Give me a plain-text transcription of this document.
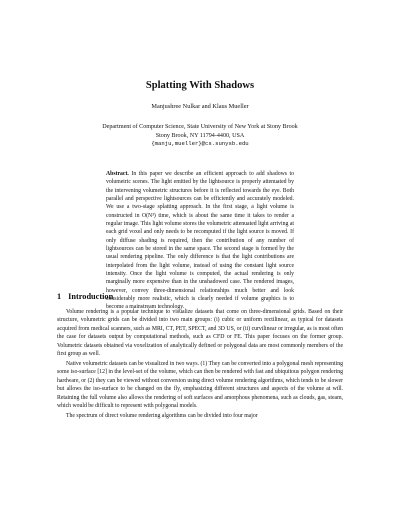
Splatting With Shadows
Manjushree Nulkar and Klaus Mueller
Department of Computer Science, State University of New York at Stony Brook
Stony Brook, NY 11794-4400, USA
{manju,mueller}@cs.sunysb.edu
Abstract. In this paper we describe an efficient approach to add shadows to volumetric scenes. The light emitted by the lightsource is properly attenuated by the intervening volumetric structures before it is reflected towards the eye. Both parallel and perspective lightsources can be efficiently and accurately modeled. We use a two-stage splatting approach. In the first stage, a light volume is constructed in O(N³) time, which is about the same time it takes to render a regular image. This light volume stores the volumetric attenuated light arriving at each grid voxel and only needs to be recomputed if the light source is moved. If only diffuse shading is required, then the contribution of any number of lightsources can be stored in the same space. The second stage is formed by the usual rendering pipeline. The only difference is that the light contributions are interpolated from the light volume, instead of using the constant light source intensity. Once the light volume is computed, the actual rendering is only marginally more expensive than in the unshadowed case. The rendered images, however, convey three-dimensional relationships much better and look considerably more realistic, which is clearly needed if volume graphics is to become a mainstream technology.
1 Introduction

Volume rendering is a popular technique to visualize datasets that come on three-dimensional grids. Based on their structure, volumetric grids can be divided into two main groups: (i) cubic or uniform rectilinear, as typical for datasets acquired from medical scanners, such as MRI, CT, PET, SPECT, and 3D US, or (ii) curvilinear or irregular, as is most often the case for datasets output by computational methods, such as CFD or FE. This paper focuses on the former group. Volumetric datasets obtained via voxelization of analytically defined or polygonal data are most commonly members of the first group as well.

Native volumetric datasets can be visualized in two ways. (1) They can be converted into a polygonal mesh representing some iso-surface [12] in the level-set of the volume, which can then be rendered with fast and ubiquitous polygon rendering hardware, or (2) they can be viewed without conversion using direct volume rendering algorithms, which tends to be slower but allows the iso-surface to be changed on the fly, emphasizing different structures and aspects of the volume at will. Retaining the full volume also allows the rendering of soft surfaces and amorphous phenomena, such as clouds, gas, steam, which would be difficult to represent with polygonal models.

The spectrum of direct volume rendering algorithms can be divided into four major
